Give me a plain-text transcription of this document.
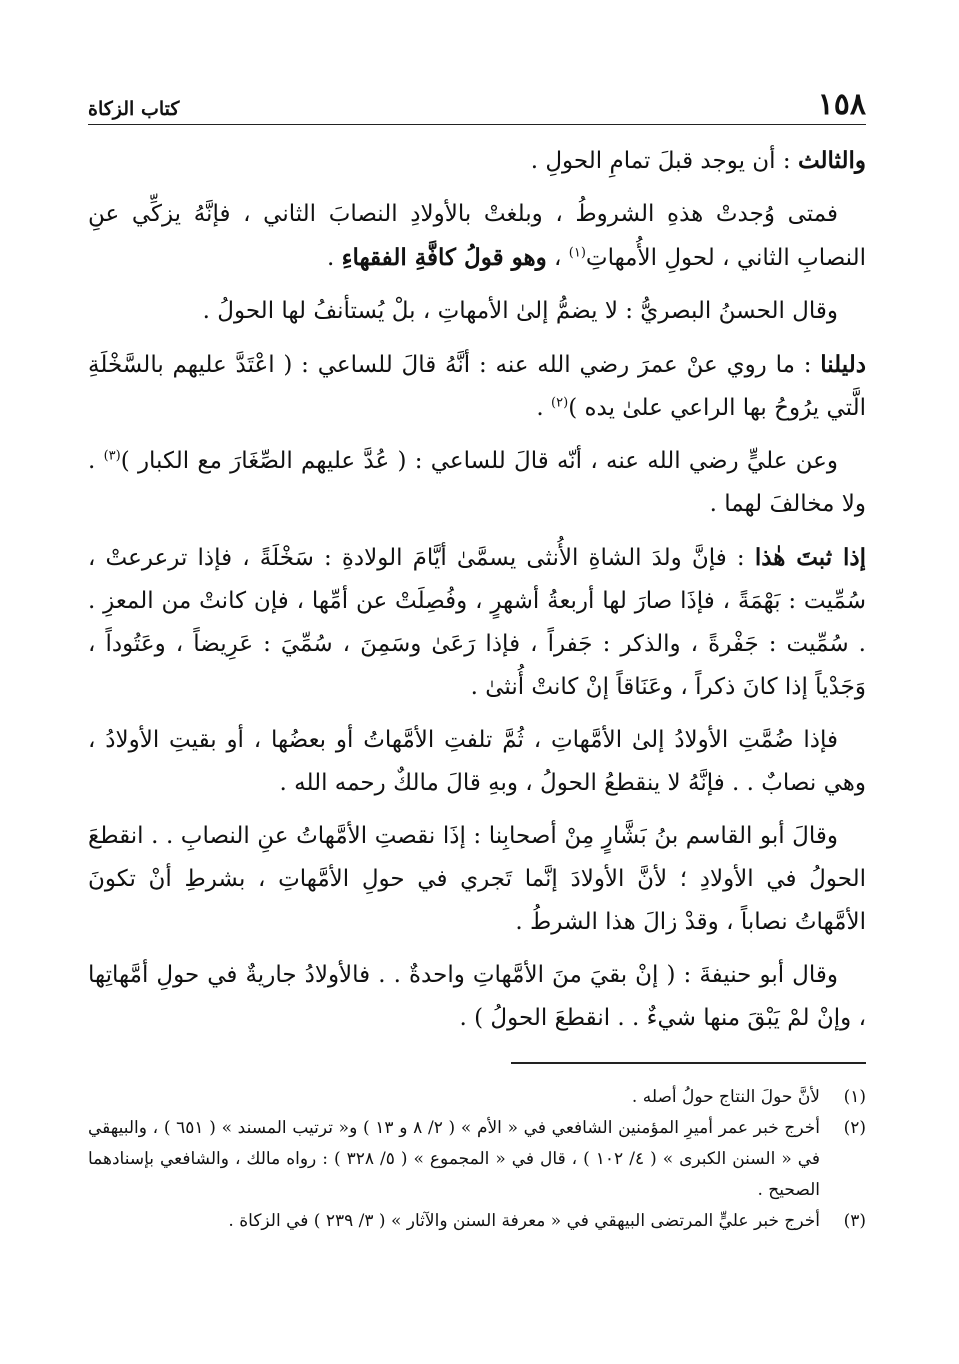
١٥٨
كتاب الزكاة

والثالث : أن يوجد قبلَ تمامِ الحولِ .

فمتى وُجدتْ هذهِ الشروطُ ، وبلغتْ بالأولادِ النصابَ الثاني ، فإنَّهُ يزكِّي عنِ النصابِ الثاني ، لحولِ الأُمهاتِ$^{(١)}$ ، وهو قولُ كافَّةِ الفقهاءِ .

وقال الحسنُ البصريُّ : لا يضمُّ إلىٰ الأمهاتِ ، بلْ يُستأنفُ لها الحولُ .

دليلنا : ما روي عنْ عمرَ رضي الله عنه : أنَّهُ قالَ للساعي : ( اعْتَدَّ عليهم بالسَّخْلَةِ الَّتي يرُوحُ بها الراعي علىٰ يده )$^{(٢)}$ .

وعن عليٍّ رضي الله عنه ، أنّه قالَ للساعي : ( عُدَّ عليهم الصِّغَارَ مع الكبار )$^{(٣)}$ . ولا مخالفَ لهما .

إذا ثبتَ هٰذا : فإنَّ ولدَ الشاةِ الأُنثى يسمَّىٰ أيَّامَ الولادةِ : سَخْلَةً ، فإذا ترعرعتْ ، سُمِّيت : بَهْمَةً ، فإذَا صارَ لها أربعةُ أشهرٍ ، وفُصِلَتْ عن أمِّها ، فإن كانتْ من المعزِ . . سُمِّيت : جَفْرةً ، والذكر : جَفراً ، فإذا رَعَىٰ وسَمِنَ ، سُمِّيَ : عَرِيضاً ، وعَتُوداً ، وَجَدْياً إذا كانَ ذكراً ، وعَنَاقاً إنْ كانتْ أُنثىٰ .

فإذا ضُمَّتِ الأولادُ إلىٰ الأمَّهاتِ ، ثُمَّ تلفتِ الأمَّهاتُ أو بعضُها ، أو بقيتِ الأولادُ ، وهي نصابٌ . . فإنَّهُ لا ينقطعُ الحولُ ، وبهِ قالَ مالكٌ رحمه الله .

وقالَ أبو القاسم بنُ بَشَّارٍ مِنْ أصحابِنا : إذَا نقصتِ الأمَّهاتُ عنِ النصابِ . . انقطعَ الحولُ في الأولادِ ؛ لأنَّ الأولادَ إنَّما تَجري في حولِ الأمَّهاتِ ، بشرطِ أنْ تكونَ الأمَّهاتُ نصاباً ، وقدْ زالَ هذا الشرطُ .

وقال أبو حنيفةَ : ( إنْ بقيَ منَ الأمَّهاتِ واحدةٌ . . فالأولادُ جاريةٌ في حولِ أمَّهاتِها ، وإنْ لمْ يَبْقَ منها شيءٌ . . انقطعَ الحولُ ) .

(١)
لأنَّ حولَ النتاج حولُ أصله .
(٢)
أخرج خبر عمر أميرِ المؤمنين الشافعي في « الأم » ( ٢/ ٨ و ١٣ ) و« ترتيب المسند » ( ٦٥١ ) ، والبيهقي في « السنن الكبرى » ( ٤/ ١٠٢ ) ، قال في « المجموع » ( ٥/ ٣٢٨ ) : رواه مالك ، والشافعي بإسنادهما الصحيح .
(٣)
أخرج خبر عليٍّ المرتضى البيهقي في « معرفة السنن والآثار » ( ٣/ ٢٣٩ ) في الزكاة .
